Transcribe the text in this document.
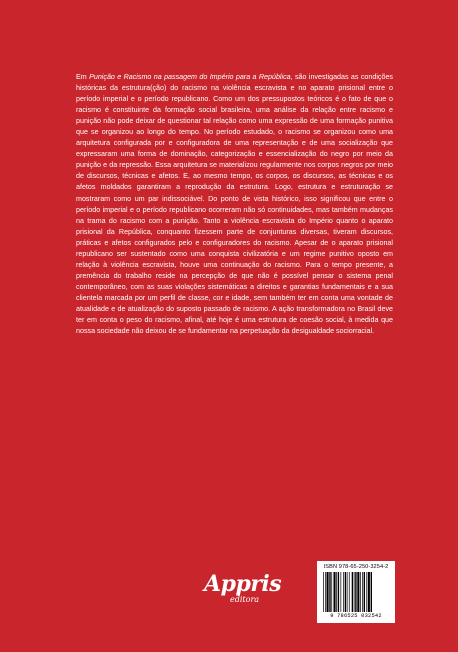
Em Punição e Racismo na passagem do Império para a República, são investigadas as condições históricas da estrutura(ção) do racismo na violência escravista e no aparato prisional entre o período imperial e o período republicano. Como um dos pressupostos teóricos é o fato de que o racismo é constituinte da formação social brasileira, uma análise da relação entre racismo e punição não pode deixar de questionar tal relação como uma expressão de uma formação punitiva que se organizou ao longo do tempo. No período estudado, o racismo se organizou como uma arquitetura configurada por e configuradora de uma representação e de uma socialização que expressaram uma forma de dominação, categorização e essencialização do negro por meio da punição e da repressão. Essa arquitetura se materializou regularmente nos corpos negros por meio de discursos, técnicas e afetos. E, ao mesmo tempo, os corpos, os discursos, as técnicas e os afetos moldados garantiram a reprodução da estrutura. Logo, estrutura e estruturação se mostraram como um par indissociável. Do ponto de vista histórico, isso significou que entre o período imperial e o período republicano ocorreram não só continuidades, mas também mudanças na trama do racismo com a punição. Tanto a violência escravista do Império quanto o aparato prisional da República, conquanto fizessem parte de conjunturas diversas, tiveram discursos, práticas e afetos configurados pelo e configuradores do racismo. Apesar de o aparato prisional republicano ser sustentado como uma conquista civilizatória e um regime punitivo oposto em relação à violência escravista, houve uma continuação do racismo. Para o tempo presente, a premência do trabalho reside na percepção de que não é possível pensar o sistema penal contemporâneo, com as suas violações sistemáticas a direitos e garantias fundamentais e a sua clientela marcada por um perfil de classe, cor e idade, sem também ter em conta uma vontade de atualidade e de atualização do suposto passado de racismo. A ação transformadora no Brasil deve ter em conta o peso do racismo, afinal, até hoje é uma estrutura de coesão social, à medida que nossa sociedade não deixou de se fundamentar na perpetuação da desigualdade sociorracial.

Appris
editora
ISBN 978-65-250-3254-2
9 786525 032542
